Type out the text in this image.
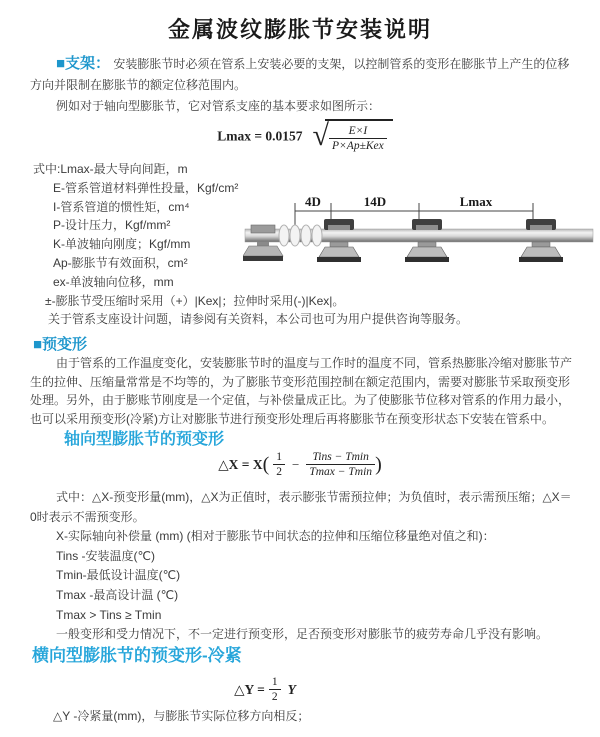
金属波纹膨胀节安装说明
■支架： 安装膨胀节时必须在管系上安装必要的支架，以控制管系的变形在膨胀节上产生的位移方向并限制在膨胀节的额定位移范围内。
例如对于轴向型膨胀节，它对管系支座的基本要求如图所示：
Lmax = 0.0157 √ $\frac{E\times I}{\text{P×Ap±Kex}}$
式中:Lmax-最大导向间距，m
E-管系管道材料弹性投量，Kgf/cm²
I-管系管道的惯性矩，cm⁴
P-设计压力，Kgf/mm²
K-单波轴向刚度；Kgf/mm
Ap-膨胀节有效面积，cm²
ex-单波轴向位移，mm
±-膨胀节受压缩时采用（+）|Kex|；拉伸时采用(-)|Kex|。
关于管系支座设计问题，请参阅有关资料，本公司也可为用户提供咨询等服务。
4D	14D	Lmax
■预变形
由于管系的工作温度变化，安装膨胀节时的温度与工作时的温度不同，管系热膨胀冷缩对膨胀节产生的拉伸、压缩量常常是不均等的，为了膨胀节变形范围控制在额定范围内，需要对膨胀节采取预变形处理。另外，由于膨账节刚度是一个定值，与补偿量成正比。为了使膨胀节位移对管系的作用力最小，也可以采用预变形(冷紧)方让对膨胀节进行预变形处理后再将膨胀节在预变形状态下安装在管系中。
轴向型膨胀节的预变形
△X = $X( \frac{1}{2} - \frac{\text{Tins − Tmin}}{Tmax - Tmin}$ )
式中：△X-预变形量(mm)，△X为正值时，表示膨张节需预拉伸；为负值时，表示需预压缩；△X＝0时表示不需预变形。
X-实际轴向补偿量 (mm) (相对于膨胀节中间状态的拉伸和压缩位移量绝对值之和)：
Tins -安装温度(℃)
Tmin-最低设计温度(℃)
Tmax -最高设计温 (℃)
Tmax > Tins ≥ Tmin
一般变形和受力情况下，不一定进行预变形，足否预变形对膨胀节的疲劳寿命几乎没有影响。
横向型膨胀节的预变形-冷紧
△Y = $\frac{1}{2}$ Y
△Y -冷紧量(mm)，与膨胀节实际位移方向相反；
